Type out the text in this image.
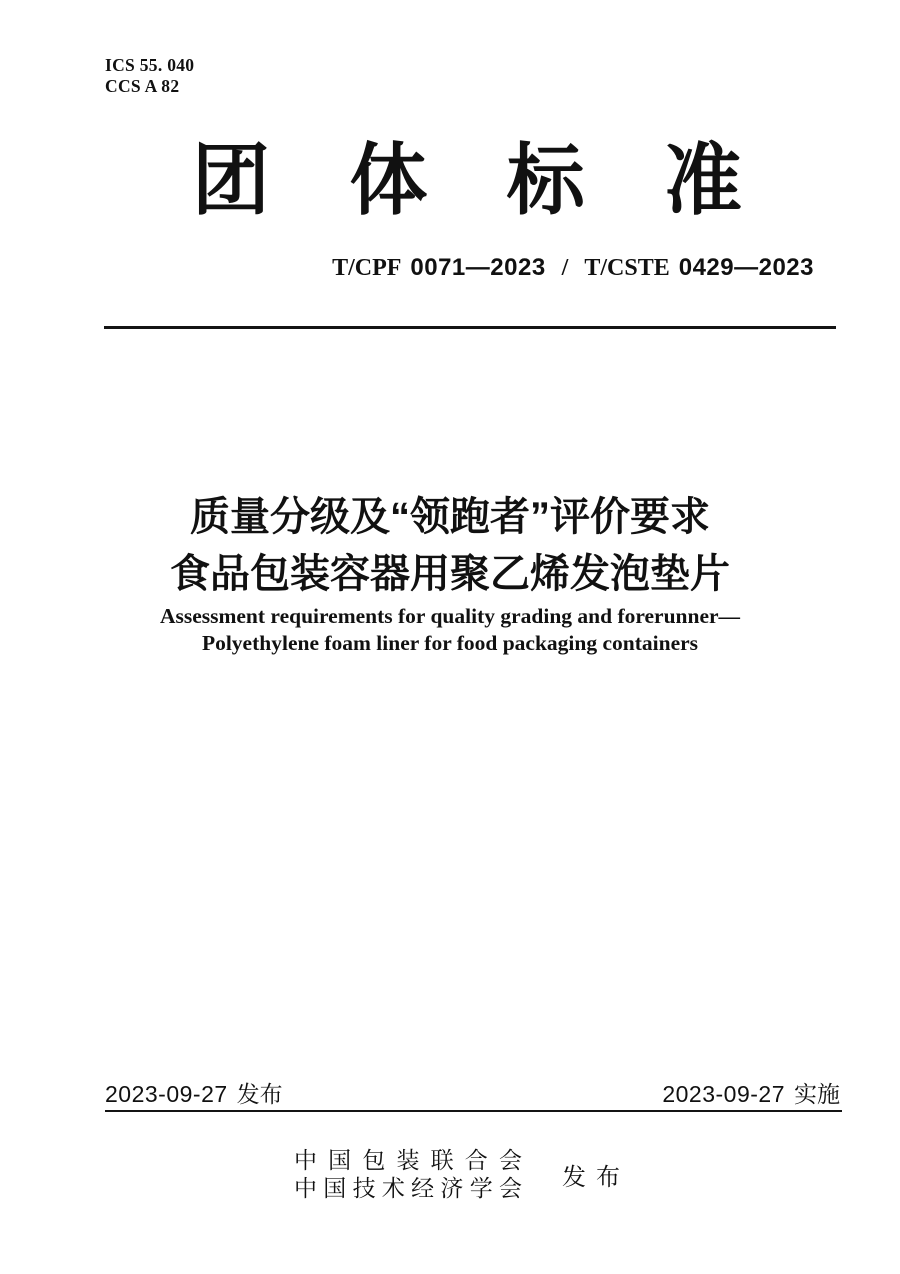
ICS 55. 040
CCS A 82
团 体 标 准
T/CPF 0071—2023 / T/CSTE 0429—2023
质量分级及“领跑者”评价要求
食品包装容器用聚乙烯发泡垫片
Assessment requirements for quality grading and forerunner—
Polyethylene foam liner for food packaging containers
2023-09-27 发布	2023-09-27 实施
中 国 包 装 联 合 会
中 国 技 术 经 济 学 会 发 布
